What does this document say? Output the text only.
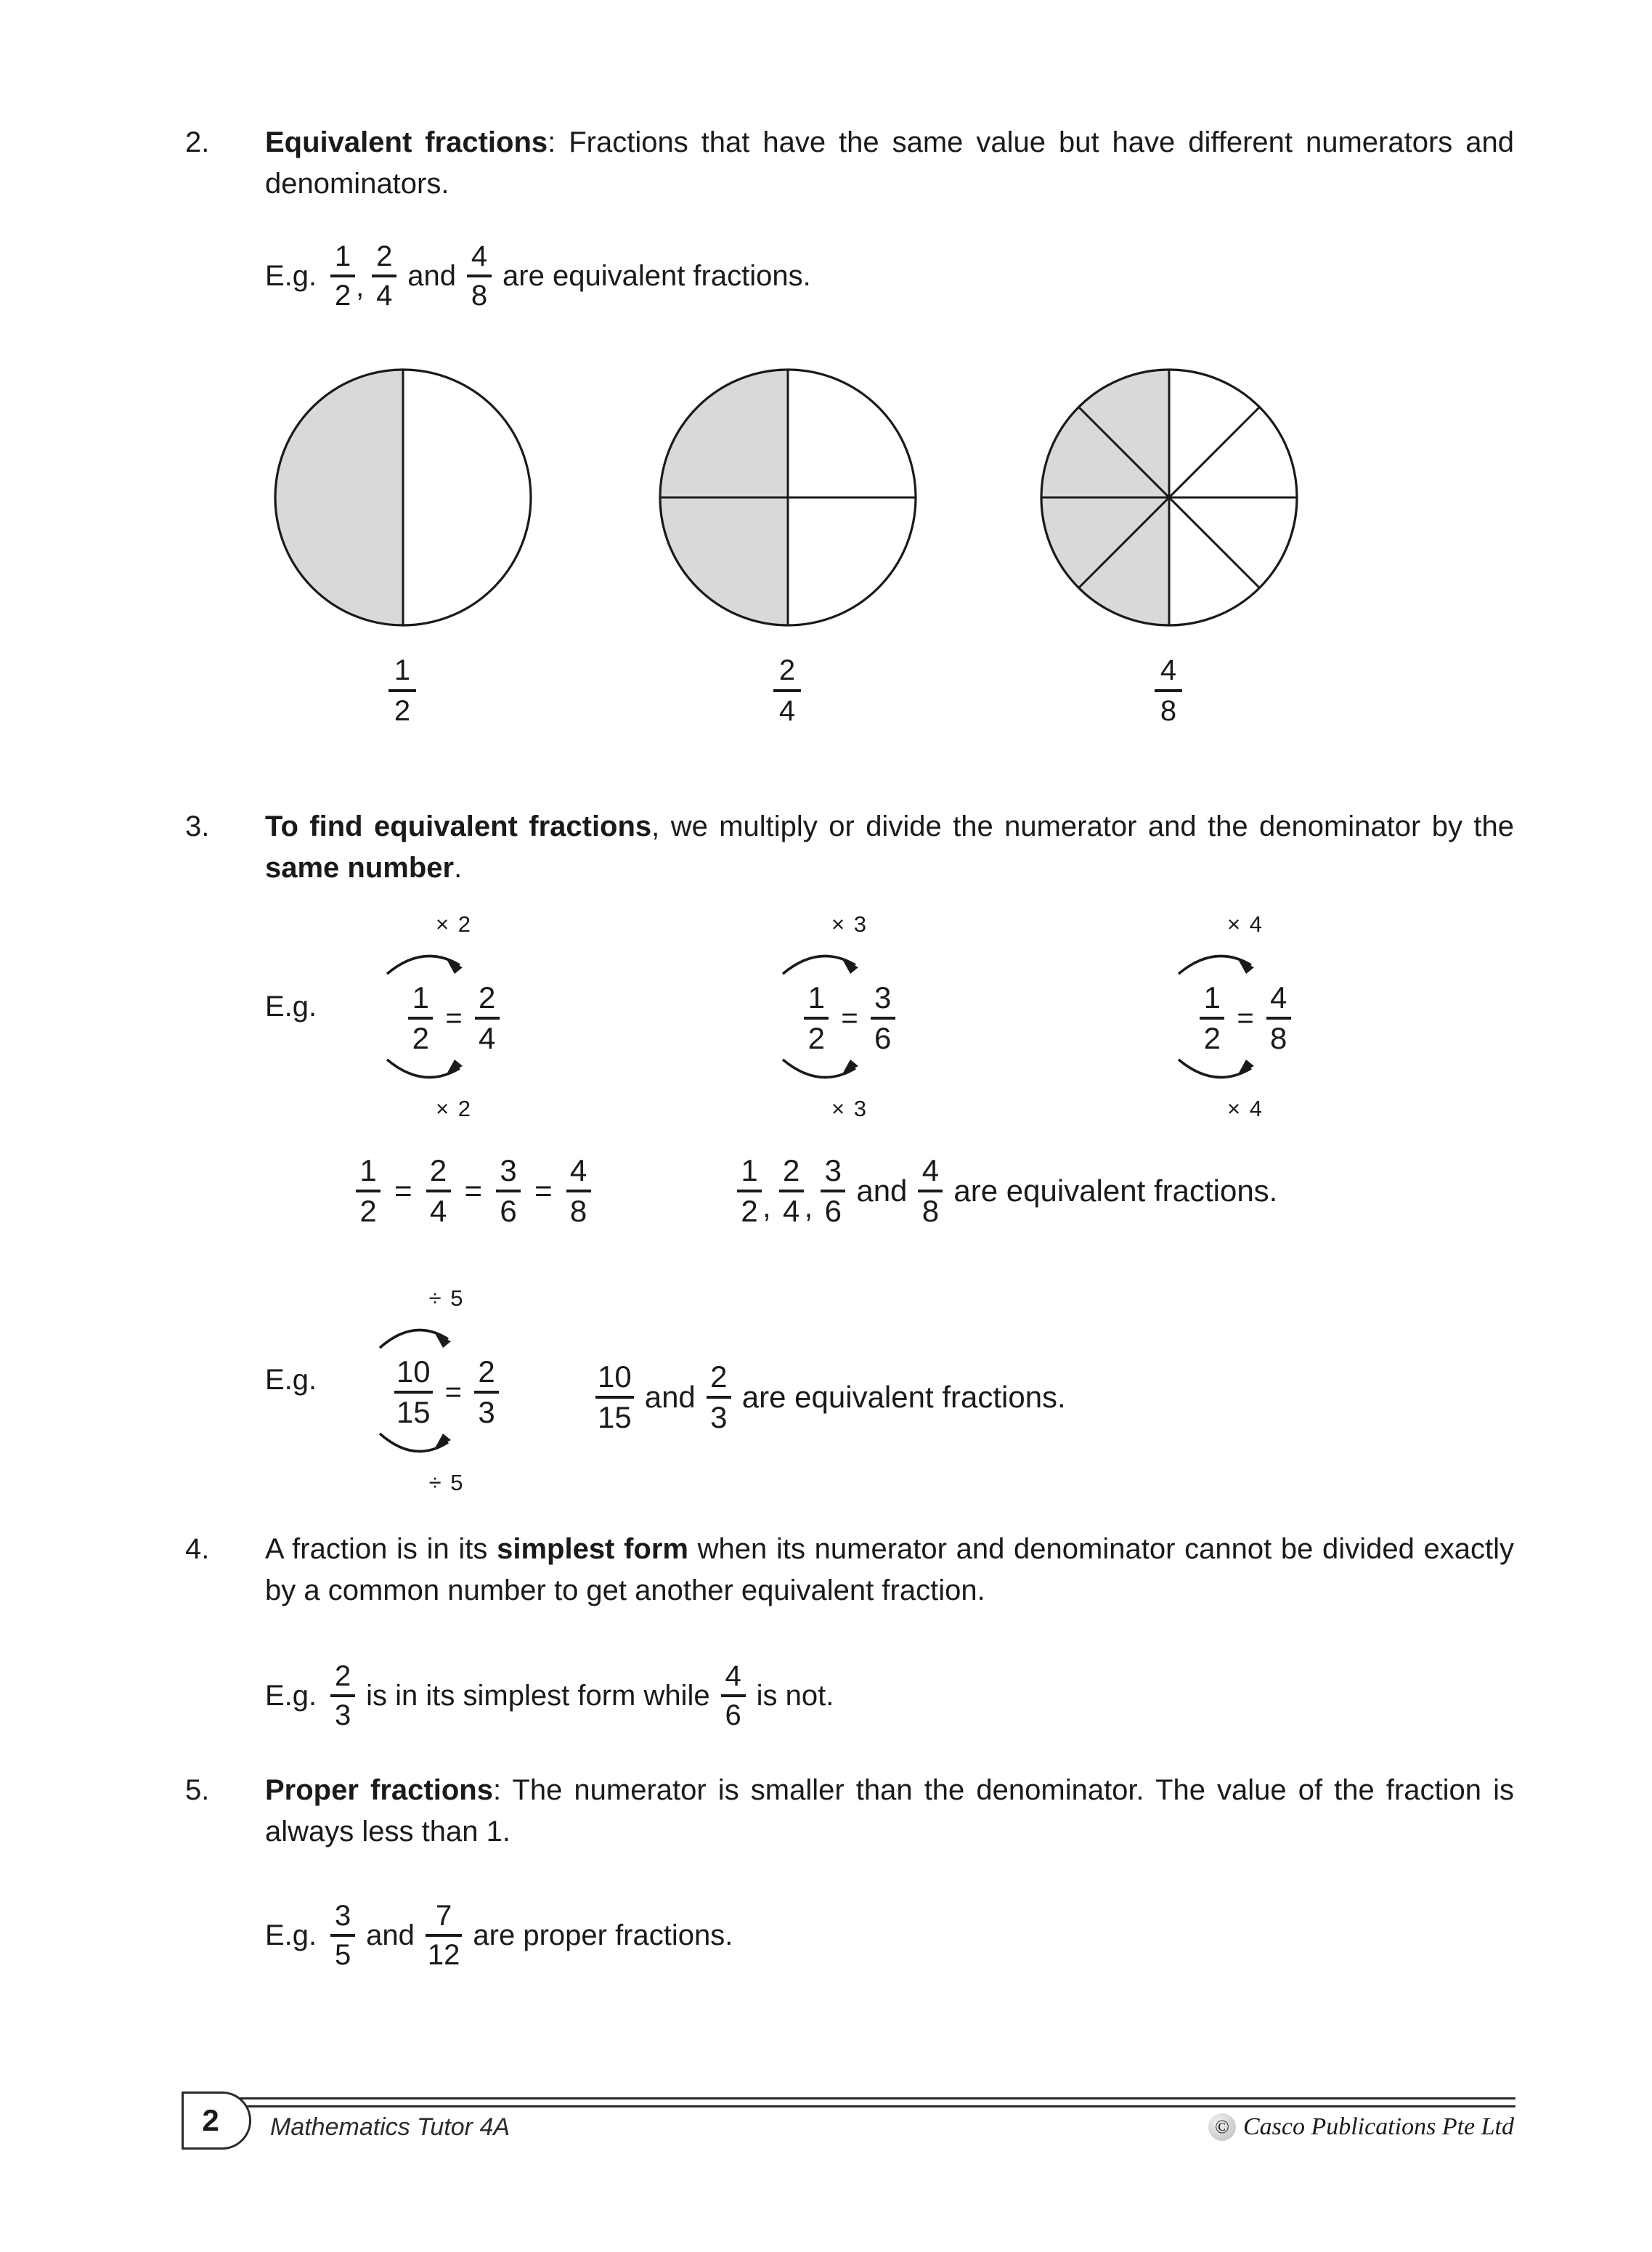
2.	Equivalent fractions: Fractions that have the same value but have different numerators and denominators.
E.g. $\frac{1}{2}$ , $\frac{2}{4}$ and $\frac{4}{8}$ are equivalent fractions.
1
2
2
4
4
8
3.	To find equivalent fractions, we multiply or divide the numerator and the denominator by the same number.
E.g.
× 2
$\frac{1}{2} = \frac{2}{4}$
× 2
× 3
$\frac{1}{2} = \frac{3}{6}$
× 3
× 4
$\frac{1}{2} = \frac{4}{8}$
× 4
$\frac{1}{2} = \frac{2}{4} = \frac{3}{6} = \frac{4}{8}$	$\frac{1}{2}$ , $\frac{2}{4}$ , $\frac{3}{6}$ and $\frac{4}{8}$ are equivalent fractions.
E.g.
÷ 5
$\frac{10}{15} = \frac{2}{3}$
÷ 5
$\frac{10}{15}$ and $\frac{2}{3}$ are equivalent fractions.
4.	A fraction is in its simplest form when its numerator and denominator cannot be divided exactly by a common number to get another equivalent fraction.
E.g. $\frac{2}{3}$ is in its simplest form while $\frac{4}{6}$ is not.
5.	Proper fractions: The numerator is smaller than the denominator. The value of the fraction is always less than 1.
E.g. $\frac{3}{5}$ and $\frac{7}{12}$ are proper fractions.
2	Mathematics Tutor 4A	© Casco Publications Pte Ltd
